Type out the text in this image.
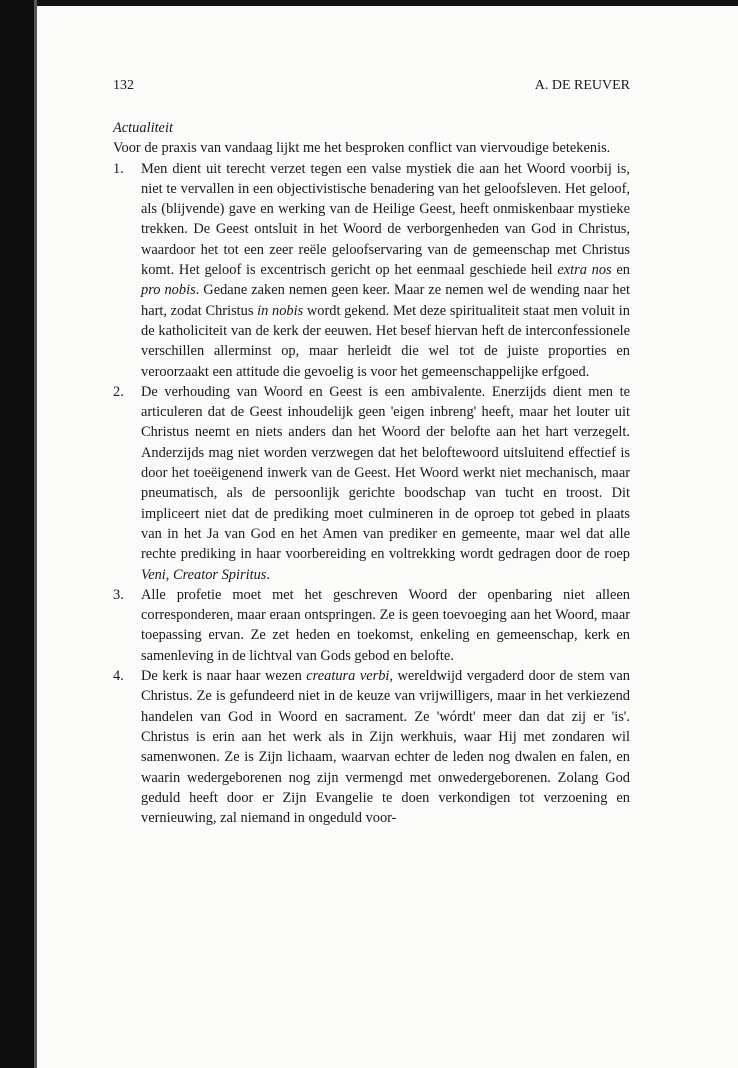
132	A. DE REUVER
Actualiteit

Voor de praxis van vandaag lijkt me het besproken conflict van viervoudige betekenis.

1. Men dient uit terecht verzet tegen een valse mystiek die aan het Woord voorbij is, niet te vervallen in een objectivistische benadering van het geloofsleven. Het geloof, als (blijvende) gave en werking van de Heilige Geest, heeft onmiskenbaar mystieke trekken. De Geest ontsluit in het Woord de verborgenheden van God in Christus, waardoor het tot een zeer reële geloofservaring van de gemeenschap met Christus komt. Het geloof is excentrisch gericht op het eenmaal geschiede heil extra nos en pro nobis. Gedane zaken nemen geen keer. Maar ze nemen wel de wending naar het hart, zodat Christus in nobis wordt gekend. Met deze spiritualiteit staat men voluit in de katholiciteit van de kerk der eeuwen. Het besef hiervan heft de interconfessionele verschillen allerminst op, maar herleidt die wel tot de juiste proporties en veroorzaakt een attitude die gevoelig is voor het gemeenschappelijke erfgoed.
2. De verhouding van Woord en Geest is een ambivalente. Enerzijds dient men te articuleren dat de Geest inhoudelijk geen 'eigen inbreng' heeft, maar het louter uit Christus neemt en niets anders dan het Woord der belofte aan het hart verzegelt. Anderzijds mag niet worden verzwegen dat het beloftewoord uitsluitend effectief is door het toeëigenend inwerk van de Geest. Het Woord werkt niet mechanisch, maar pneumatisch, als de persoonlijk gerichte boodschap van tucht en troost. Dit impliceert niet dat de prediking moet culmineren in de oproep tot gebed in plaats van in het Ja van God en het Amen van prediker en gemeente, maar wel dat alle rechte prediking in haar voorbereiding en voltrekking wordt gedragen door de roep Veni, Creator Spiritus.
3. Alle profetie moet met het geschreven Woord der openbaring niet alleen corresponderen, maar eraan ontspringen. Ze is geen toevoeging aan het Woord, maar toepassing ervan. Ze zet heden en toekomst, enkeling en gemeenschap, kerk en samenleving in de lichtval van Gods gebod en belofte.
4. De kerk is naar haar wezen creatura verbi, wereldwijd vergaderd door de stem van Christus. Ze is gefundeerd niet in de keuze van vrijwilligers, maar in het verkiezend handelen van God in Woord en sacrament. Ze 'wórdt' meer dan dat zij er 'is'. Christus is erin aan het werk als in Zijn werkhuis, waar Hij met zondaren wil samenwonen. Ze is Zijn lichaam, waarvan echter de leden nog dwalen en falen, en waarin wedergeborenen nog zijn vermengd met onwedergeborenen. Zolang God geduld heeft door er Zijn Evangelie te doen verkondigen tot verzoening en vernieuwing, zal niemand in ongeduld voor-
